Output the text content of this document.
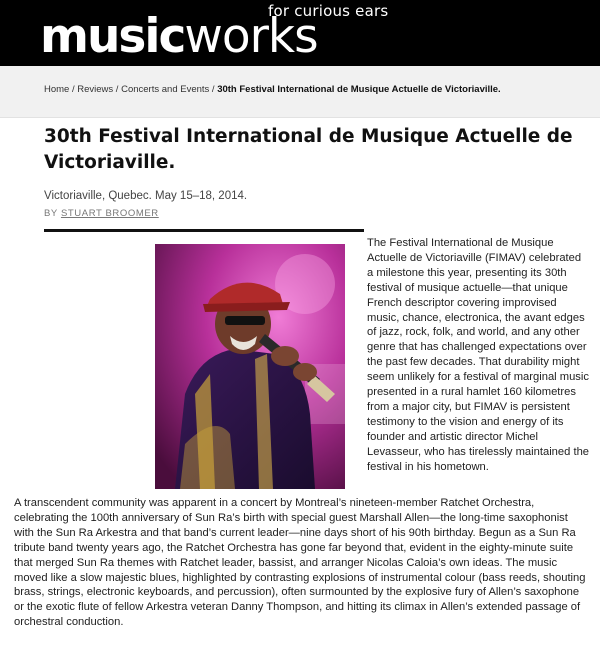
for curious ears
musicworks
Home / Reviews / Concerts and Events / 30th Festival International de Musique Actuelle de Victoriaville.
30th Festival International de Musique Actuelle de Victoriaville.
Victoriaville, Quebec. May 15–18, 2014.
BY STUART BROOMER

The Festival International de Musique Actuelle de Victoriaville (FIMAV) celebrated a milestone this year, presenting its 30th festival of musique actuelle—that unique French descriptor covering improvised music, chance, electronica, the avant edges of jazz, rock, folk, and world, and any other genre that has challenged expectations over the past few decades. That durability might seem unlikely for a festival of marginal music presented in a rural hamlet 160 kilometres from a major city, but FIMAV is persistent testimony to the vision and energy of its founder and artistic director Michel Levasseur, who has tirelessly maintained the festival in his hometown.

A transcendent community was apparent in a concert by Montreal’s nineteen-member Ratchet Orchestra, celebrating the 100th anniversary of Sun Ra’s birth with special guest Marshall Allen—the long-time saxophonist with the Sun Ra Arkestra and that band’s current leader—nine days short of his 90th birthday. Begun as a Sun Ra tribute band twenty years ago, the Ratchet Orchestra has gone far beyond that, evident in the eighty-minute suite that merged Sun Ra themes with Ratchet leader, bassist, and arranger Nicolas Caloia’s own ideas. The music moved like a slow majestic blues, highlighted by contrasting explosions of instrumental colour (bass reeds, shouting brass, strings, electronic keyboards, and percussion), often surmounted by the explosive fury of Allen’s saxophone or the exotic flute of fellow Arkestra veteran Danny Thompson, and hitting its climax in Allen’s extended passage of orchestral conduction.
